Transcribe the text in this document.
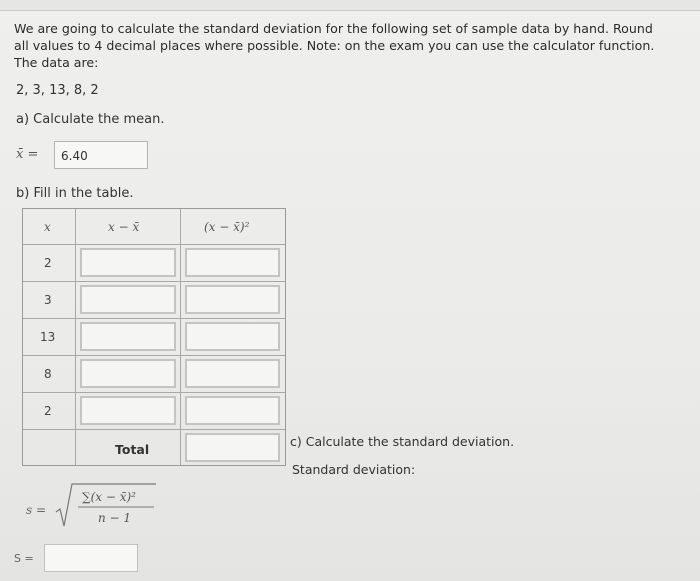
We are going to calculate the standard deviation for the following set of sample data by hand. Round all values to 4 decimal places where possible. Note: on the exam you can use the calculator function. The data are:
2, 3, 13, 8, 2
a) Calculate the mean.
x̄ =	6.40
b) Fill in the table.
x	x − x̄	(x − x̄)²
2
3
13
8
2
Total
c) Calculate the standard deviation.
Standard deviation:
s =
∑(x − x̄)²
n − 1
S =
